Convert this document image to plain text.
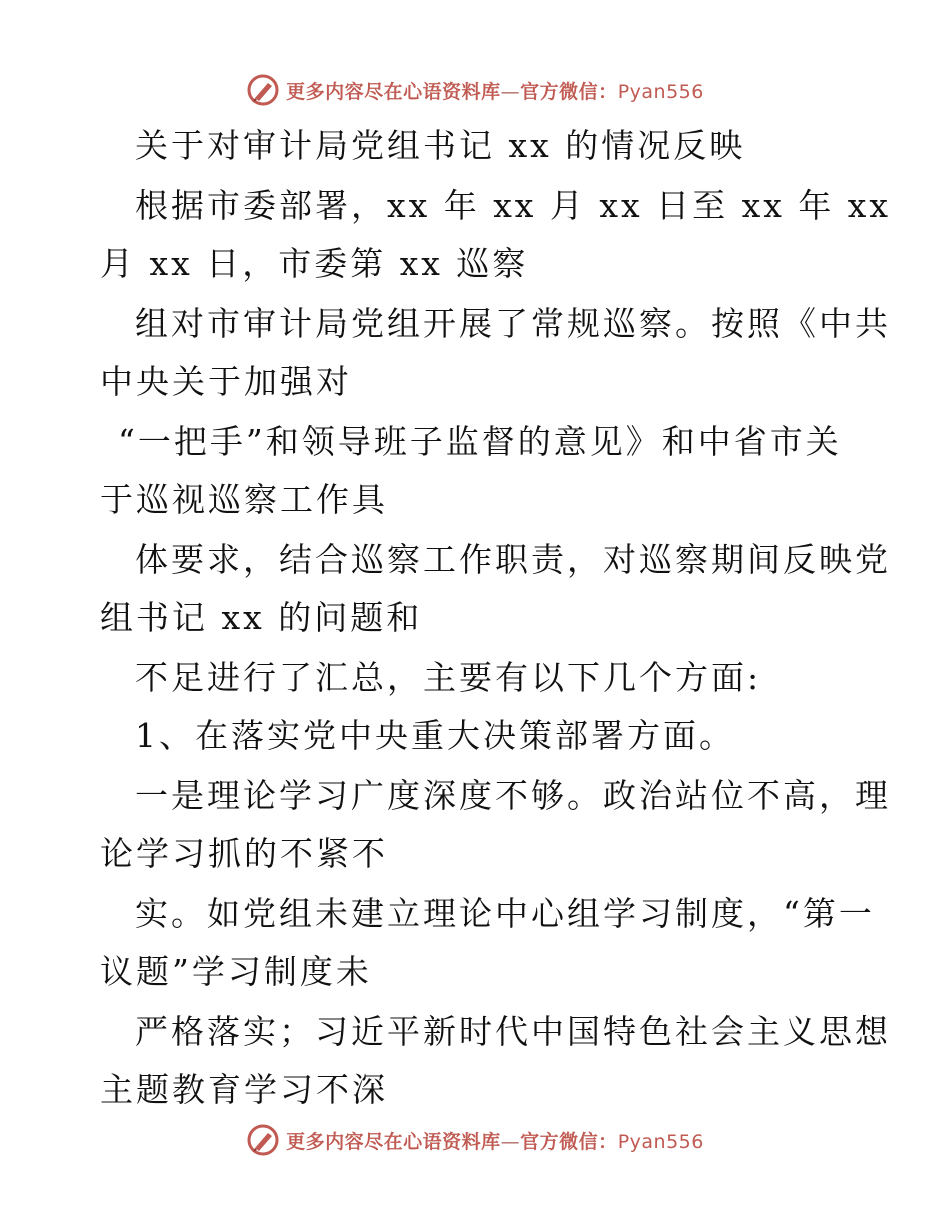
更多内容尽在心语资料库—官方微信：Pyan556
关于对审计局党组书记 xx 的情况反映
根据市委部署，xx 年 xx 月 xx 日至 xx 年 xx
月 xx 日，市委第 xx 巡察
组对市审计局党组开展了常规巡察。按照《中共
中央关于加强对
“一把手”和领导班子监督的意见》和中省市关
于巡视巡察工作具
体要求，结合巡察工作职责，对巡察期间反映党
组书记 xx 的问题和
不足进行了汇总，主要有以下几个方面:
1、在落实党中央重大决策部署方面。
一是理论学习广度深度不够。政治站位不高，理
论学习抓的不紧不
实。如党组未建立理论中心组学习制度，“第一
议题”学习制度未
严格落实；习近平新时代中国特色社会主义思想
主题教育学习不深
更多内容尽在心语资料库—官方微信：Pyan556
